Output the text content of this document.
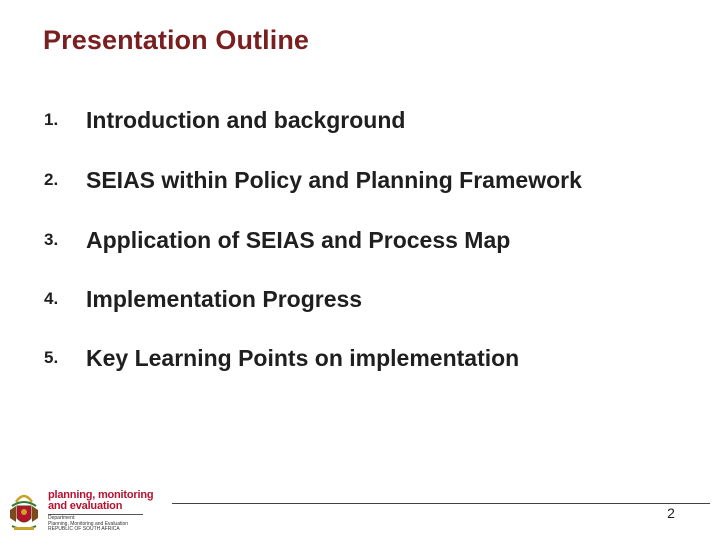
Presentation Outline
1.	Introduction and background
2.	SEIAS within Policy and Planning Framework
3.	Application of SEIAS and Process Map
4.	Implementation Progress
5.	Key Learning Points on implementation
planning, monitoring
and evaluation
Department:
Planning, Monitoring and Evaluation
REPUBLIC OF SOUTH AFRICA
2
